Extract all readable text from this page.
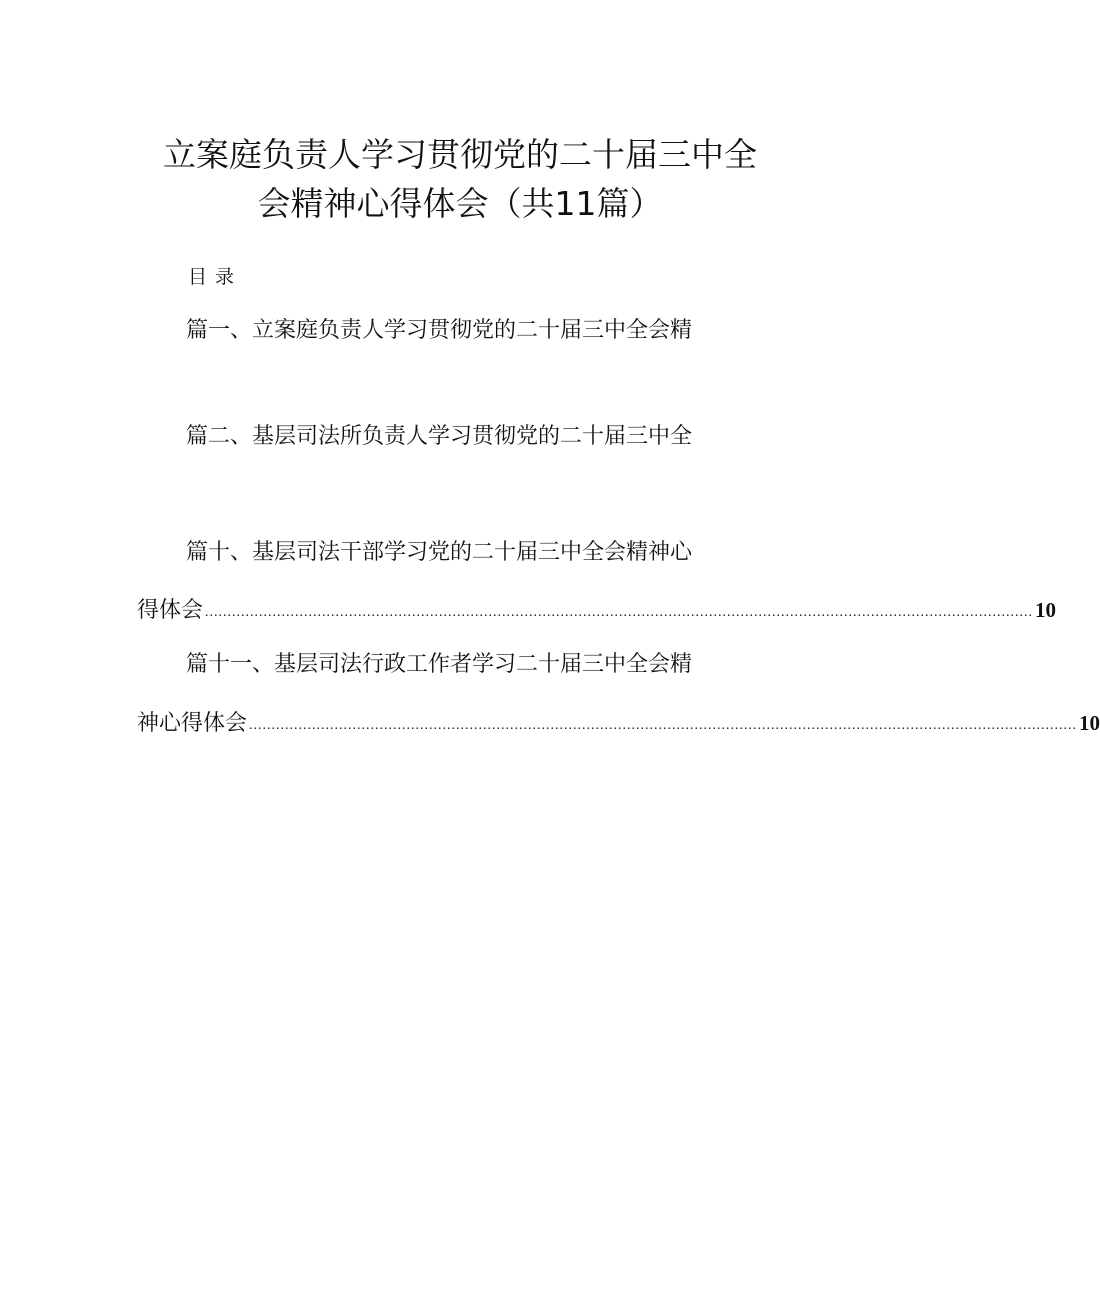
立案庭负责人学习贯彻党的二十届三中全
会精神心得体会（共11篇）
目录
篇一、立案庭负责人学习贯彻党的二十届三中全会精
篇二、基层司法所负责人学习贯彻党的二十届三中全
篇十、基层司法干部学习党的二十届三中全会精神心
得体会 ........................................................................................................................................................................................ 10
篇十一、基层司法行政工作者学习二十届三中全会精
神心得体会 ........................................................................................................................................................................................ 10
